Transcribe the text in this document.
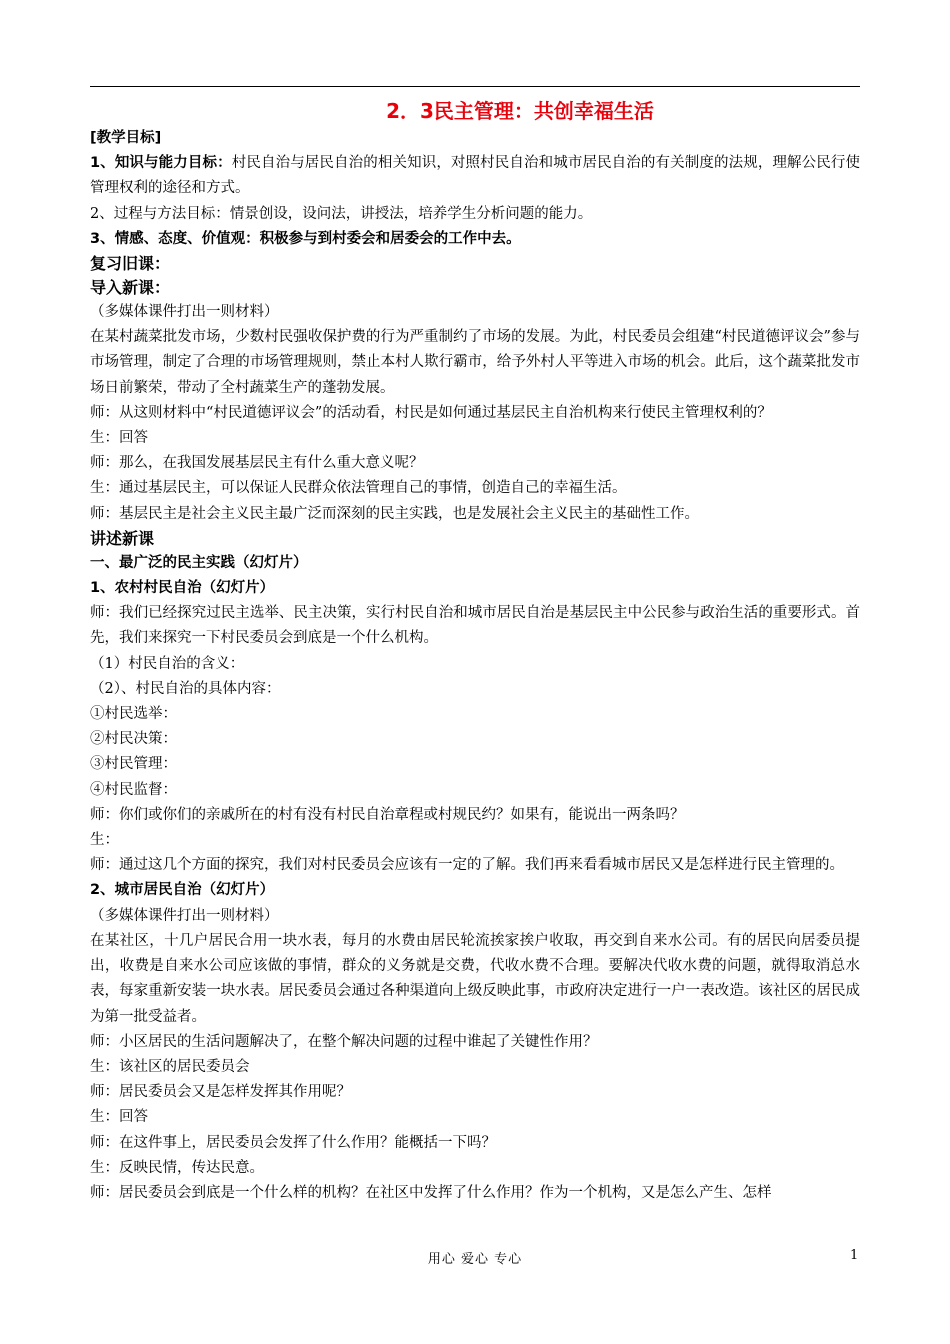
2．3民主管理：共创幸福生活

[教学目标]

1、知识与能力目标：村民自治与居民自治的相关知识，对照村民自治和城市居民自治的有关制度的法规，理解公民行使管理权利的途径和方式。

2、过程与方法目标：情景创设，设问法，讲授法，培养学生分析问题的能力。

3、情感、态度、价值观：积极参与到村委会和居委会的工作中去。

复习旧课：

导入新课：

（多媒体课件打出一则材料）

在某村蔬菜批发市场，少数村民强收保护费的行为严重制约了市场的发展。为此，村民委员会组建“村民道德评议会”参与市场管理，制定了合理的市场管理规则，禁止本村人欺行霸市，给予外村人平等进入市场的机会。此后，这个蔬菜批发市场日前繁荣，带动了全村蔬菜生产的蓬勃发展。

师：从这则材料中“村民道德评议会”的活动看，村民是如何通过基层民主自治机构来行使民主管理权利的？

生：回答

师：那么，在我国发展基层民主有什么重大意义呢？

生：通过基层民主，可以保证人民群众依法管理自己的事情，创造自己的幸福生活。

师：基层民主是社会主义民主最广泛而深刻的民主实践，也是发展社会主义民主的基础性工作。

讲述新课

一、最广泛的民主实践（幻灯片）

1、农村村民自治（幻灯片）

师：我们已经探究过民主选举、民主决策，实行村民自治和城市居民自治是基层民主中公民参与政治生活的重要形式。首先，我们来探究一下村民委员会到底是一个什么机构。

（1）村民自治的含义：

（2）、村民自治的具体内容：

①村民选举：

②村民决策：

③村民管理：

④村民监督：

师：你们或你们的亲戚所在的村有没有村民自治章程或村规民约？如果有，能说出一两条吗？

生：

师：通过这几个方面的探究，我们对村民委员会应该有一定的了解。我们再来看看城市居民又是怎样进行民主管理的。

2、城市居民自治（幻灯片）

（多媒体课件打出一则材料）

在某社区，十几户居民合用一块水表，每月的水费由居民轮流挨家挨户收取，再交到自来水公司。有的居民向居委员提出，收费是自来水公司应该做的事情，群众的义务就是交费，代收水费不合理。要解决代收水费的问题，就得取消总水表，每家重新安装一块水表。居民委员会通过各种渠道向上级反映此事，市政府决定进行一户一表改造。该社区的居民成为第一批受益者。

师：小区居民的生活问题解决了，在整个解决问题的过程中谁起了关键性作用？

生：该社区的居民委员会

师：居民委员会又是怎样发挥其作用呢？

生：回答

师：在这件事上，居民委员会发挥了什么作用？能概括一下吗？

生：反映民情，传达民意。

师：居民委员会到底是一个什么样的机构？在社区中发挥了什么作用？作为一个机构，又是怎么产生、怎样

用心 爱心 专心	1
